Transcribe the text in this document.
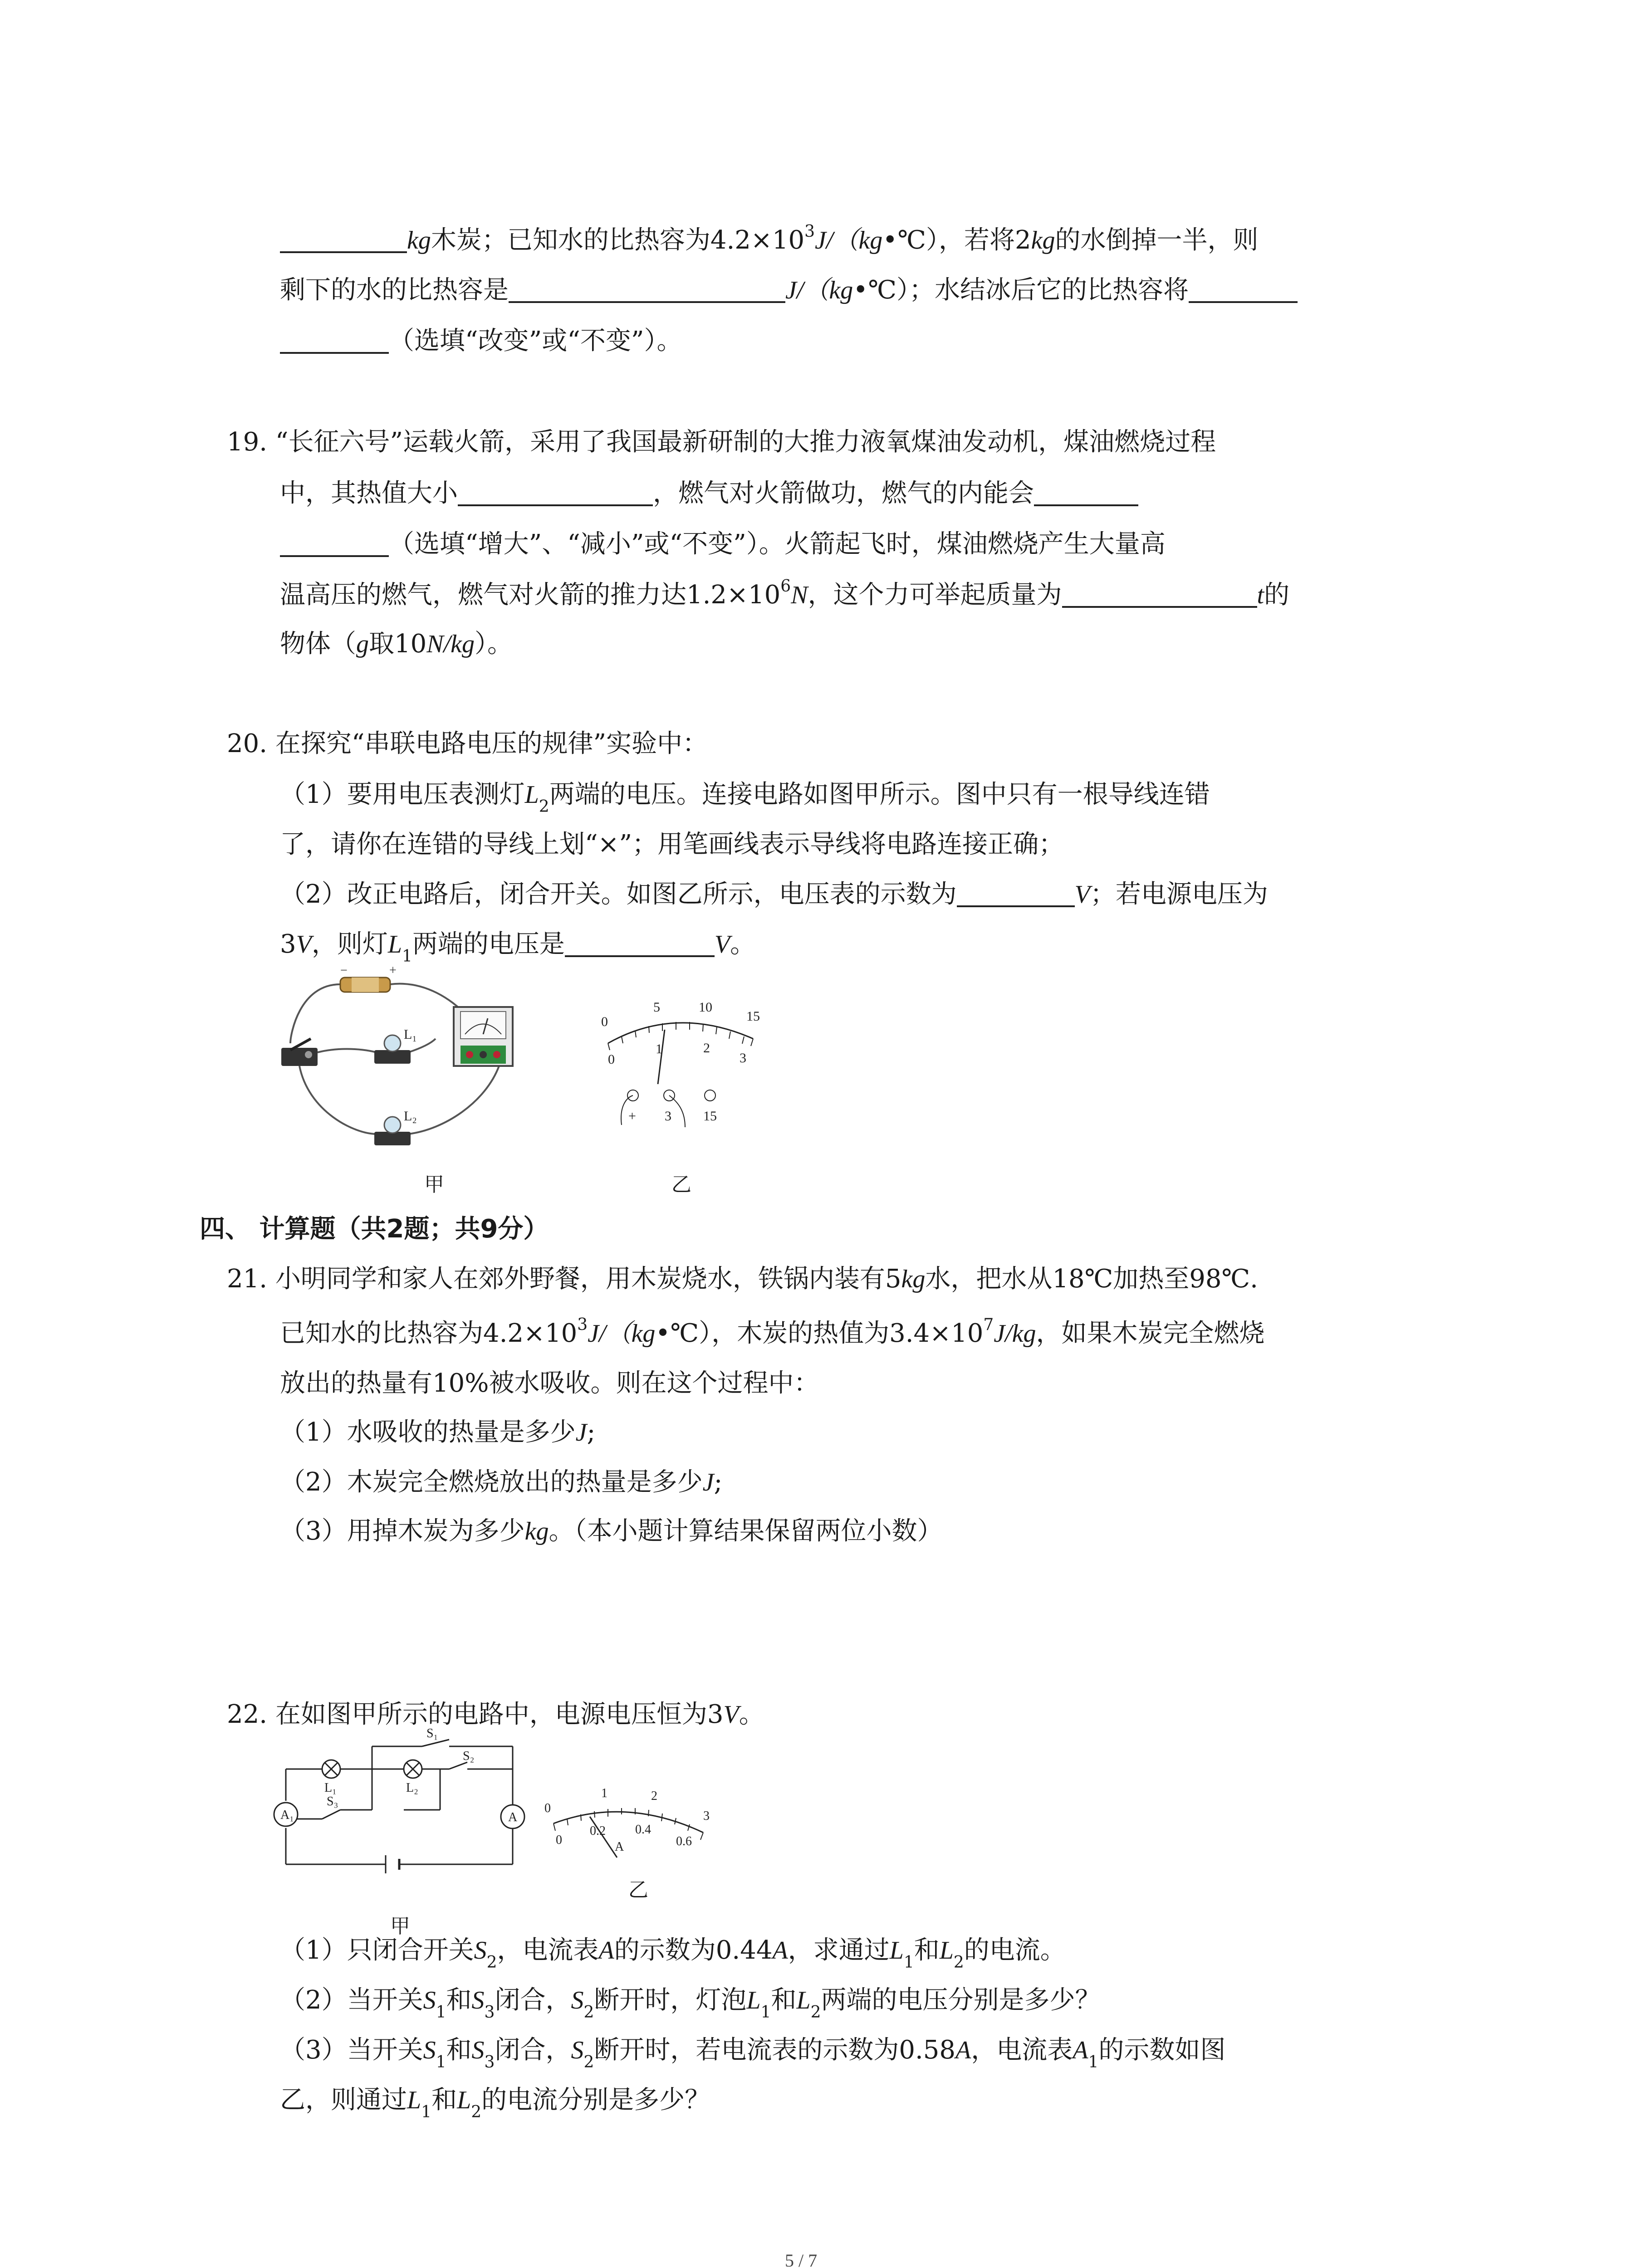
kg木炭；已知水的比热容为$4.2\times 10^3J/(kg•℃)$，若将2kg的水倒掉一半，则
剩下的水的比热容是	J/（kg•℃）；水结冰后它的比热容将
（选填“改变”或“不变”）。
19. “长征六号”运载火箭，采用了我国最新研制的大推力液氧煤油发动机，煤油燃烧过程
中，其热值大小	，燃气对火箭做功，燃气的内能会
（选填“增大”、“减小”或“不变”）。火箭起飞时，煤油燃烧产生大量高
温高压的燃气，燃气对火箭的推力达$1.2\times 10^6N$，这个力可举起质量为	t的
物体（g取10N/kg）。
20. 在探究“串联电路电压的规律”实验中：
（1）要用电压表测灯$L_2$两端的电压。连接电路如图甲所示。图中只有一根导线连错
了，请你在连错的导线上划“×”；用笔画线表示导线将电路连接正确；
（2）改正电路后，闭合开关。如图乙所示，电压表的示数为	V；若电源电压为
3V，则灯$L_1$两端的电压是	V。
−	+
L₁
L₂
甲
0
5	10
15
0
1	2
3
+ 3 15
乙
四、 计算题（共2题；共9分）
21. 小明同学和家人在郊外野餐，用木炭烧水，铁锅内装有5kg水，把水从18℃加热至98℃.
已知水的比热容为$4.2\times 10^3J/(kg•℃)$，木炭的热值为$3.4\times 10^7J/kg$，如果木炭完全燃烧
放出的热量有10%被水吸收。则在这个过程中：
（1）水吸收的热量是多少J;
（2）木炭完全燃烧放出的热量是多少J;
（3）用掉木炭为多少kg。（本小题计算结果保留两位小数）
22. 在如图甲所示的电路中，电源电压恒为3V。
A₁	A
L₁	L₂
S₁
S₂
S₃
甲
0
1	2
3
0
0.2 0.4
0.6
A
乙
（1）只闭合开关$S_2$，电流表A的示数为0.44A，求通过$L_1$和$L_2$的电流。
（2）当开关$S_1$和$S_3$闭合，$S_2$断开时，灯泡$L_1$和$L_2$两端的电压分别是多少？
（3）当开关$S_1$和$S_3$闭合，$S_2$断开时，若电流表的示数为0.58A，电流表$A_1$的示数如图
乙，则通过$L_1$和$L_2$的电流分别是多少？
5 / 7
